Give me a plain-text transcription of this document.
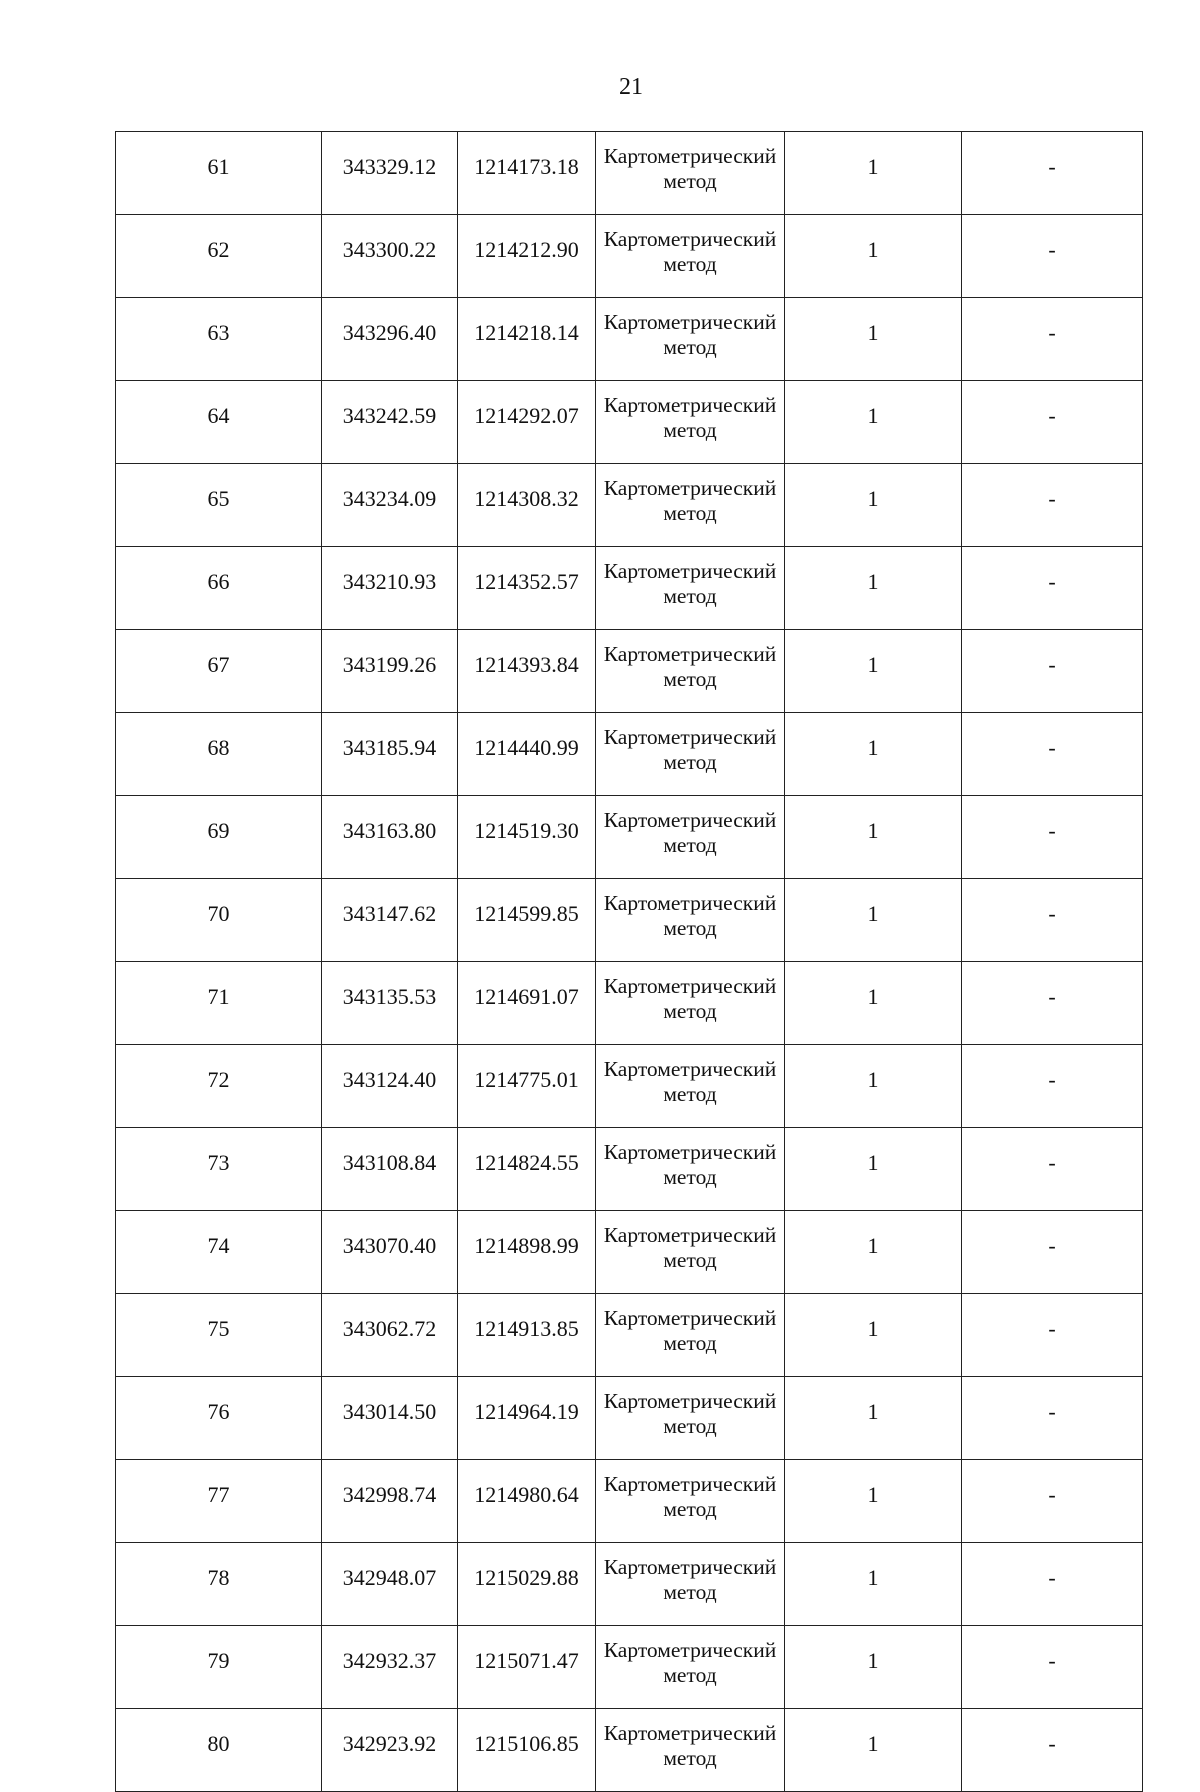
21
61	343329.12	1214173.18	Картометрический метод	1	-
62	343300.22	1214212.90	Картометрический метод	1	-
63	343296.40	1214218.14	Картометрический метод	1	-
64	343242.59	1214292.07	Картометрический метод	1	-
65	343234.09	1214308.32	Картометрический метод	1	-
66	343210.93	1214352.57	Картометрический метод	1	-
67	343199.26	1214393.84	Картометрический метод	1	-
68	343185.94	1214440.99	Картометрический метод	1	-
69	343163.80	1214519.30	Картометрический метод	1	-
70	343147.62	1214599.85	Картометрический метод	1	-
71	343135.53	1214691.07	Картометрический метод	1	-
72	343124.40	1214775.01	Картометрический метод	1	-
73	343108.84	1214824.55	Картометрический метод	1	-
74	343070.40	1214898.99	Картометрический метод	1	-
75	343062.72	1214913.85	Картометрический метод	1	-
76	343014.50	1214964.19	Картометрический метод	1	-
77	342998.74	1214980.64	Картометрический метод	1	-
78	342948.07	1215029.88	Картометрический метод	1	-
79	342932.37	1215071.47	Картометрический метод	1	-
80	342923.92	1215106.85	Картометрический метод	1	-
